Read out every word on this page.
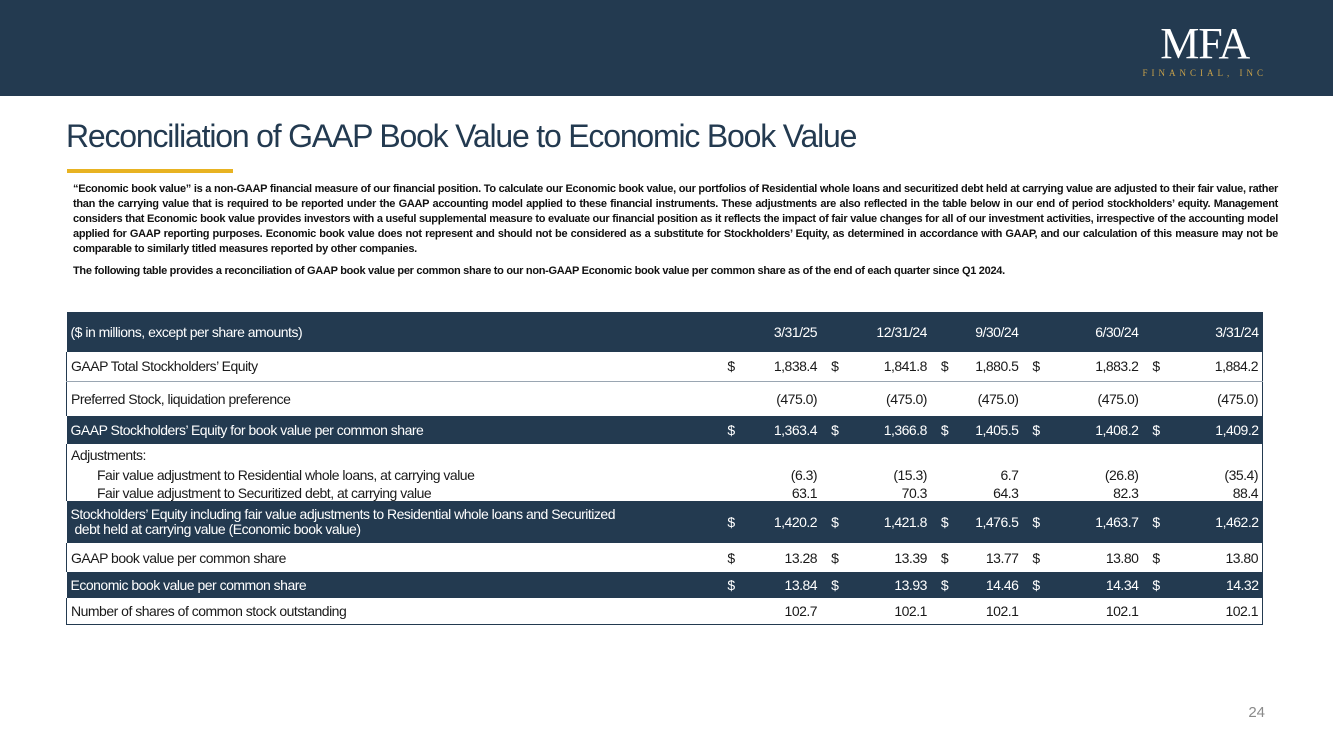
MFA
FINANCIAL, INC
Reconciliation of GAAP Book Value to Economic Book Value

“Economic book value” is a non-GAAP financial measure of our financial position. To calculate our Economic book value, our portfolios of Residential whole loans and securitized debt held at carrying value are adjusted to their fair value, rather than the carrying value that is required to be reported under the GAAP accounting model applied to these financial instruments. These adjustments are also reflected in the table below in our end of period stockholders’ equity. Management considers that Economic book value provides investors with a useful supplemental measure to evaluate our financial position as it reflects the impact of fair value changes for all of our investment activities, irrespective of the accounting model applied for GAAP reporting purposes. Economic book value does not represent and should not be considered as a substitute for Stockholders’ Equity, as determined in accordance with GAAP, and our calculation of this measure may not be comparable to similarly titled measures reported by other companies.

The following table provides a reconciliation of GAAP book value per common share to our non-GAAP Economic book value per common share as of the end of each quarter since Q1 2024.

($ in millions, except per share amounts)		3/31/25		12/31/24		9/30/24		6/30/24		3/31/24
GAAP Total Stockholders’ Equity	$	1,838.4	$	1,841.8	$	1,880.5	$	1,883.2	$	1,884.2
Preferred Stock, liquidation preference		(475.0)		(475.0)		(475.0)		(475.0)		(475.0)
GAAP Stockholders’ Equity for book value per common share	$	1,363.4	$	1,366.8	$	1,405.5	$	1,408.2	$	1,409.2
Adjustments:										
Fair value adjustment to Residential whole loans, at carrying value		(6.3)		(15.3)		6.7		(26.8)		(35.4)
Fair value adjustment to Securitized debt, at carrying value		63.1		70.3		64.3		82.3		88.4

Stockholders’ Equity including fair value adjustments to Residential whole loans and Securitized
debt held at carrying value (Economic book value)	$	1,420.2	$	1,421.8	$	1,476.5	$	1,463.7	$	1,462.2
GAAP book value per common share	$	13.28	$	13.39	$	13.77	$	13.80	$	13.80
Economic book value per common share	$	13.84	$	13.93	$	14.46	$	14.34	$	14.32
Number of shares of common stock outstanding		102.7		102.1		102.1		102.1		102.1
24
